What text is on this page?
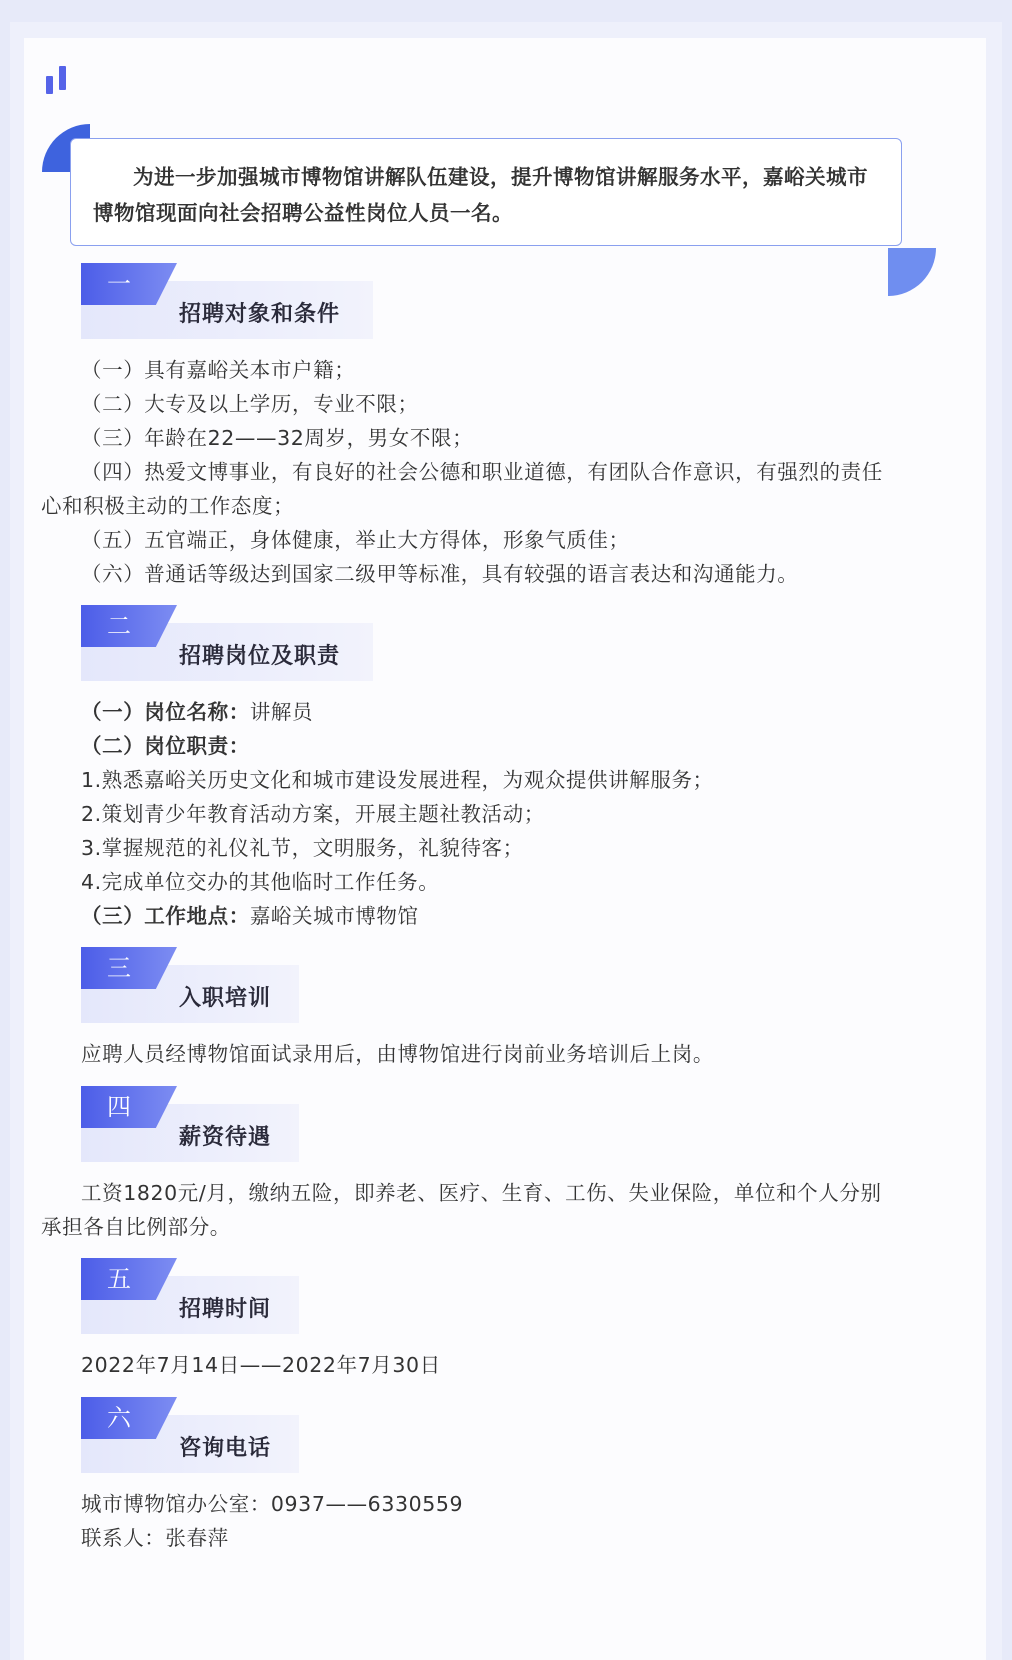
为进一步加强城市博物馆讲解队伍建设，提升博物馆讲解服务水平，嘉峪关城市博物馆现面向社会招聘公益性岗位人员一名。
一
招聘对象和条件

（一）具有嘉峪关本市户籍；

（二）大专及以上学历，专业不限；

（三）年龄在22——32周岁，男女不限；

（四）热爱文博事业，有良好的社会公德和职业道德，有团队合作意识，有强烈的责任

心和积极主动的工作态度；

（五）五官端正，身体健康，举止大方得体，形象气质佳；

（六）普通话等级达到国家二级甲等标准，具有较强的语言表达和沟通能力。

二
招聘岗位及职责

（一）岗位名称：讲解员

（二）岗位职责：

1.熟悉嘉峪关历史文化和城市建设发展进程，为观众提供讲解服务；

2.策划青少年教育活动方案，开展主题社教活动；

3.掌握规范的礼仪礼节，文明服务，礼貌待客；

4.完成单位交办的其他临时工作任务。

（三）工作地点：嘉峪关城市博物馆

三
入职培训

应聘人员经博物馆面试录用后，由博物馆进行岗前业务培训后上岗。

四
薪资待遇

工资1820元/月，缴纳五险，即养老、医疗、生育、工伤、失业保险，单位和个人分别

承担各自比例部分。

五
招聘时间

2022年7月14日——2022年7月30日

六
咨询电话

城市博物馆办公室：0937——6330559

联系人：张春萍
